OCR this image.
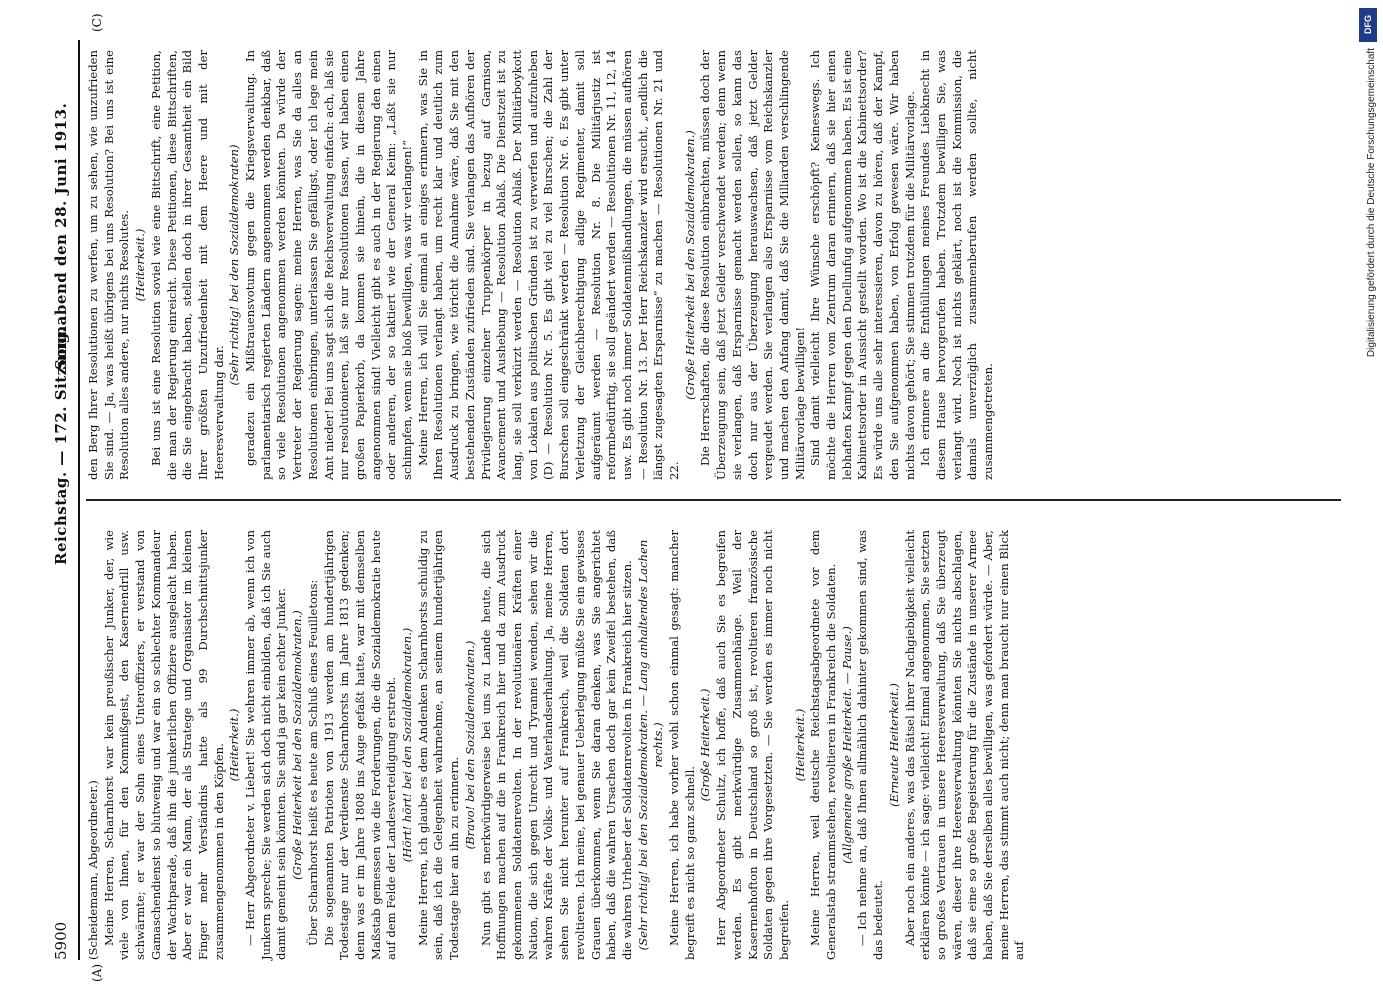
5900
Reichstag. — 172. Sitzung.
Sonnabend den 28. Juni 1913.
(A)
(C)

(Scheidemann, Abgeordneter.) Meine Herren, Scharnhorst war kein preußischer Junker, der, wie viele von Ihnen, für den Kommißgeist, den Kasernendrill usw. schwärmte; er war der Sohn eines Unteroffiziers, er verstand von Gamaschendienst so blutwenig und war ein so schlechter Kommandeur der Wachtparade, daß ihn die junkerlichen Offiziere ausgelacht haben. Aber er war ein Mann, der als Stratege und Organisator im kleinen Finger mehr Verständnis hatte als 99 Durchschnittsjunker zusammengenommen in den Köpfen. (Heiterkeit.) — Herr Abgeordneter v. Liebert! Sie wehren immer ab, wenn ich von Junkern spreche; Sie werden sich doch nicht einbilden, daß ich Sie auch damit gemeint sein könnten. Sie sind ja gar kein echter Junker. (Große Heiterkeit bei den Sozialdemokraten.) Über Scharnhorst heißt es heute am Schluß eines Feuilletons: Die sogenannten Patrioten von 1913 werden am hundertjährigen Todestage nur der Verdienste Scharnhorsts im Jahre 1813 gedenken; denn was er im Jahre 1808 ins Auge gefaßt hatte, war mit demselben Maßstab gemessen wie die Forderungen, die die Sozialdemokratie heute auf dem Felde der Landesverteidigung erstrebt. (Hört! hört! bei den Sozialdemokraten.) Meine Herren, ich glaube es dem Andenken Scharnhorsts schuldig zu sein, daß ich die Gelegenheit wahrnehme, an seinem hundertjährigen Todestage hier an ihn zu erinnern.

(Bravo! bei den Sozialdemokraten.) Nun gibt es merkwürdigerweise bei uns zu Lande heute, die sich Hoffnungen machen auf die in Frankreich hier und da zum Ausdruck gekommenen Soldatenrevolten. In der revolutionären Kräften einer Nation, die sich gegen Unrecht und Tyrannei wenden, sehen wir die wahren Kräfte der Volks- und Vaterlandserhaltung. Ja, meine Herren, sehen Sie nicht herunter auf Frankreich, weil die Soldaten dort revoltieren. Ich meine, bei genauer Ueberlegung müßte Sie ein gewisses Grauen überkommen, wenn Sie daran denken, was Sie angerichtet haben, daß die wahren Ursachen doch gar kein Zweifel bestehen, daß die wahren Urheber der Soldatenrevolten in Frankreich hier sitzen. (Sehr richtig! bei den Sozialdemokraten. — Lang anhaltendes Lachen rechts.) Meine Herren, ich habe vorher wohl schon einmal gesagt: mancher begreift es nicht so ganz schnell.

(Große Heiterkeit.) Herr Abgeordneter Schultz, ich hoffe, daß auch Sie es begreifen werden. Es gibt merkwürdige Zusammenhänge. Weil der Kasernenhofton in Deutschland so groß ist, revoltieren französische Soldaten gegen ihre Vorgesetzten. — Sie werden es immer noch nicht begreifen.

(Heiterkeit.) Meine Herren, weil deutsche Reichstagsabgeordnete vor dem Generalstab strammstehen, revoltieren in Frankreich die Soldaten. (Allgemeine große Heiterkeit. — Pause.) — Ich nehme an, daß Ihnen allmählich dahinter gekommen sind, was das bedeutet.

(Erneute Heiterkeit.) Aber noch ein anderes, was das Rätsel ihrer Nachgiebigkeit vielleicht erklären könnte — ich sage: vielleicht! Einmal angenommen, Sie setzten so großes Vertrauen in unsere Heeresverwaltung, daß Sie überzeugt wären, dieser ihre Heeresverwaltung könnten Sie nichts abschlagen, daß sie eine so große Begeisterung für die Zustände in unserer Armee haben, daß Sie derselben alles bewilligen, was gefordert würde. — Aber, meine Herren, das stimmt auch nicht; denn man braucht nur einen Blick auf

den Berg Ihrer Resolutionen zu werfen, um zu sehen, wie unzufrieden Sie sind. — Ja, was heißt übrigens bei uns Resolution? Bei uns ist eine Resolution alles andere, nur nichts Resolutes. (Heiterkeit.) Bei uns ist eine Resolution soviel wie eine Bittschrift, eine Petition, die man der Regierung einreicht. Diese Petitionen, diese Bittschriften, die Sie eingebracht haben, stellen doch in ihrer Gesamtheit ein Bild Ihrer größten Unzufriedenheit mit dem Heere und mit der Heeresverwaltung dar.

(Sehr richtig! bei den Sozialdemokraten) geradezu ein Mißtrauensvotum gegen die Kriegsverwaltung. In parlamentarisch regierten Ländern angenommen werden denkbar, daß so viele Resolutionen angenommen werden könnten. Da würde der Vertreter der Regierung sagen: meine Herren, was Sie da alles an Resolutionen einbringen, unterlassen Sie gefälligst, oder ich lege mein Amt nieder! Bei uns sagt sich die Reichsverwaltung einfach: ach, laß sie nur resolutionieren, laß sie nur Resolutionen fassen, wir haben einen großen Papierkorb, da kommen sie hinein, die in diesem Jahre angenommen sind! Vielleicht gibt es auch in der Regierung den einen oder anderen, der so taktiert wie der General Keim: „Laßt sie nur schimpfen, wenn sie bloß bewilligen, was wir verlangen!“ Meine Herren, ich will Sie einmal an einiges erinnern, was Sie in Ihren Resolutionen verlangt haben, um recht klar und deutlich zum Ausdruck zu bringen, wie töricht die Annahme wäre, daß Sie mit den bestehenden Zuständen zufrieden sind. Sie verlangen das Aufhören der Privilegierung einzelner Truppenkörper in bezug auf Garnison, Avancement und Aushebung — Resolution Ablaß. Die Dienstzeit ist zu lang, sie soll verkürzt werden — Resolution Ablaß. Der Militärboykott von Lokalen aus politischen Gründen ist zu verwerfen und aufzuheben (D) — Resolution Nr. 5. Es gibt viel zu viel Burschen; die Zahl der Burschen soll eingeschränkt werden — Resolution Nr. 6. Es gibt unter Verletzung der Gleichberechtigung adlige Regimenter, damit soll aufgeräumt werden — Resolution Nr. 8. Die Militärjustiz ist reformbedürftig, sie soll geändert werden — Resolutionen Nr. 11, 12, 14 usw. Es gibt noch immer Soldatenmißhandlungen, die müssen aufhören — Resolution Nr. 13. Der Herr Reichskanzler wird ersucht, „endlich die längst zugesagten Ersparnisse“ zu machen — Resolutionen Nr. 21 und 22.

(Große Heiterkeit bei den Sozialdemokraten.) Die Herrschaften, die diese Resolution einbrachten, müssen doch der Überzeugung sein, daß jetzt Gelder verschwendet werden; denn wenn sie verlangen, daß Ersparnisse gemacht werden sollen, so kann das doch nur aus der Überzeugung herauswachsen, daß jetzt Gelder vergeudet werden. Sie verlangen also Ersparnisse vom Reichskanzler und machen den Anfang damit, daß Sie die Milliarden verschlingende Militärvorlage bewilligen! Sind damit vielleicht Ihre Wünsche erschöpft? Keineswegs. Ich möchte die Herren vom Zentrum daran erinnern, daß sie hier einen lebhaften Kampf gegen den Duellunfug aufgenommen haben. Es ist eine Kabinettsorder in Aussicht gestellt worden. Wo ist die Kabinettsorder? Es würde uns alle sehr interessieren, davon zu hören, daß der Kampf, den Sie aufgenommen haben, von Erfolg gewesen wäre. Wir haben nichts davon gehört; Sie stimmen trotzdem für die Militärvorlage. Ich erinnere an die Enthüllungen meines Freundes Liebknecht in diesem Hause hervorgerufen haben. Trotzdem bewilligen Sie, was verlangt wird. Noch ist nichts geklärt, noch ist die Kommission, die damals unverzüglich zusammenberufen werden sollte, nicht zusammengetreten.

DFG
Digitalisierung gefördert durch die Deutsche Forschungsgemeinschaft
